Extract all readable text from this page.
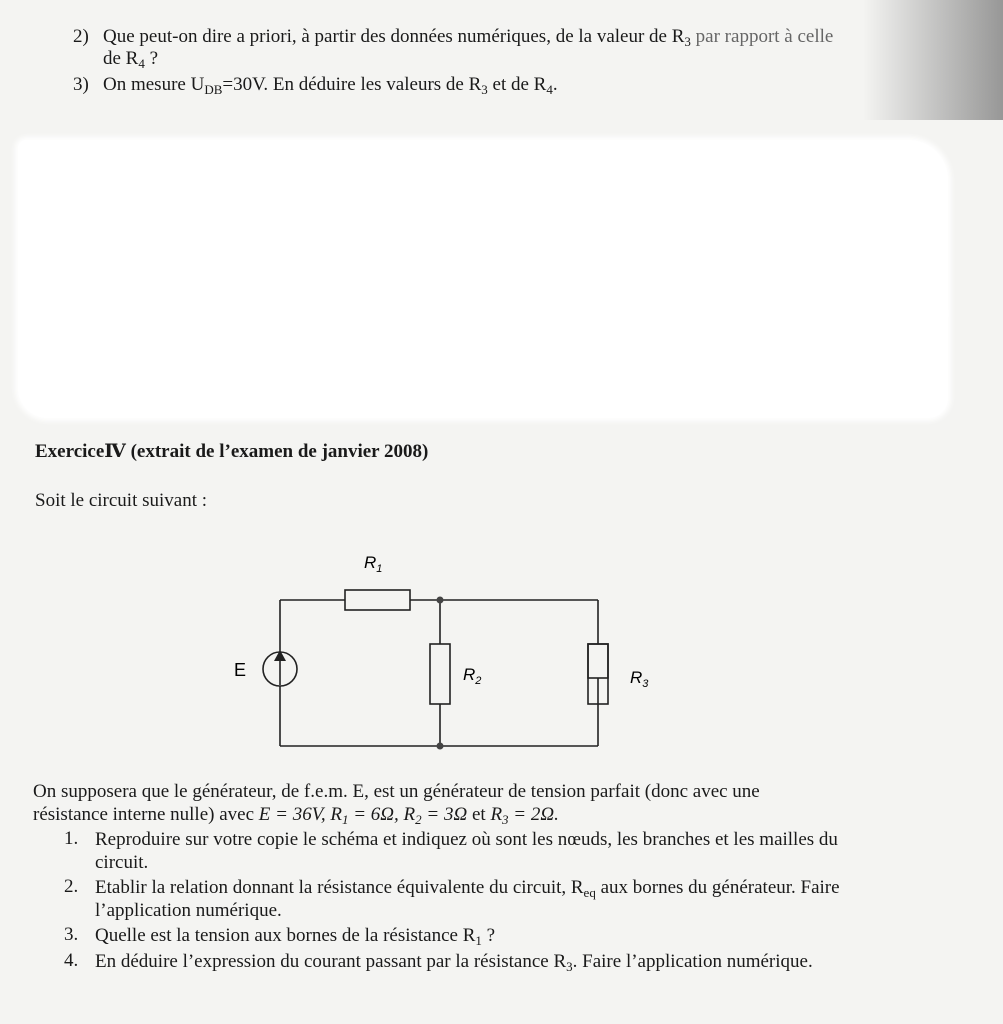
2) Que peut-on dire a priori, à partir des données numériques, de la valeur de $R_3$ par rapport à celle
de $R_4$ ?
3) On mesure $U_{DB}=30V$. En déduire les valeurs de $R_3$ et de $R_4$.
ExerciceⅣ (extrait de l’examen de janvier 2008)
Soit le circuit suivant :
$R_1$
$R_2$	$R_3$
E
On supposera que le générateur, de f.e.m. E, est un générateur de tension parfait (donc avec une
résistance interne nulle) avec E = 36V, $R_1 = 6\Omega$, $R_2 = 3\Omega$ et $R_3 = 2\Omega$.
1. Reproduire sur votre copie le schéma et indiquez où sont les nœuds, les branches et les mailles du
circuit.
2. Etablir la relation donnant la résistance équivalente du circuit, $R_{eq}$ aux bornes du générateur. Faire
l’application numérique.
3. Quelle est la tension aux bornes de la résistance $R_1$ ?
4. En déduire l’expression du courant passant par la résistance $R_3$. Faire l’application numérique.
